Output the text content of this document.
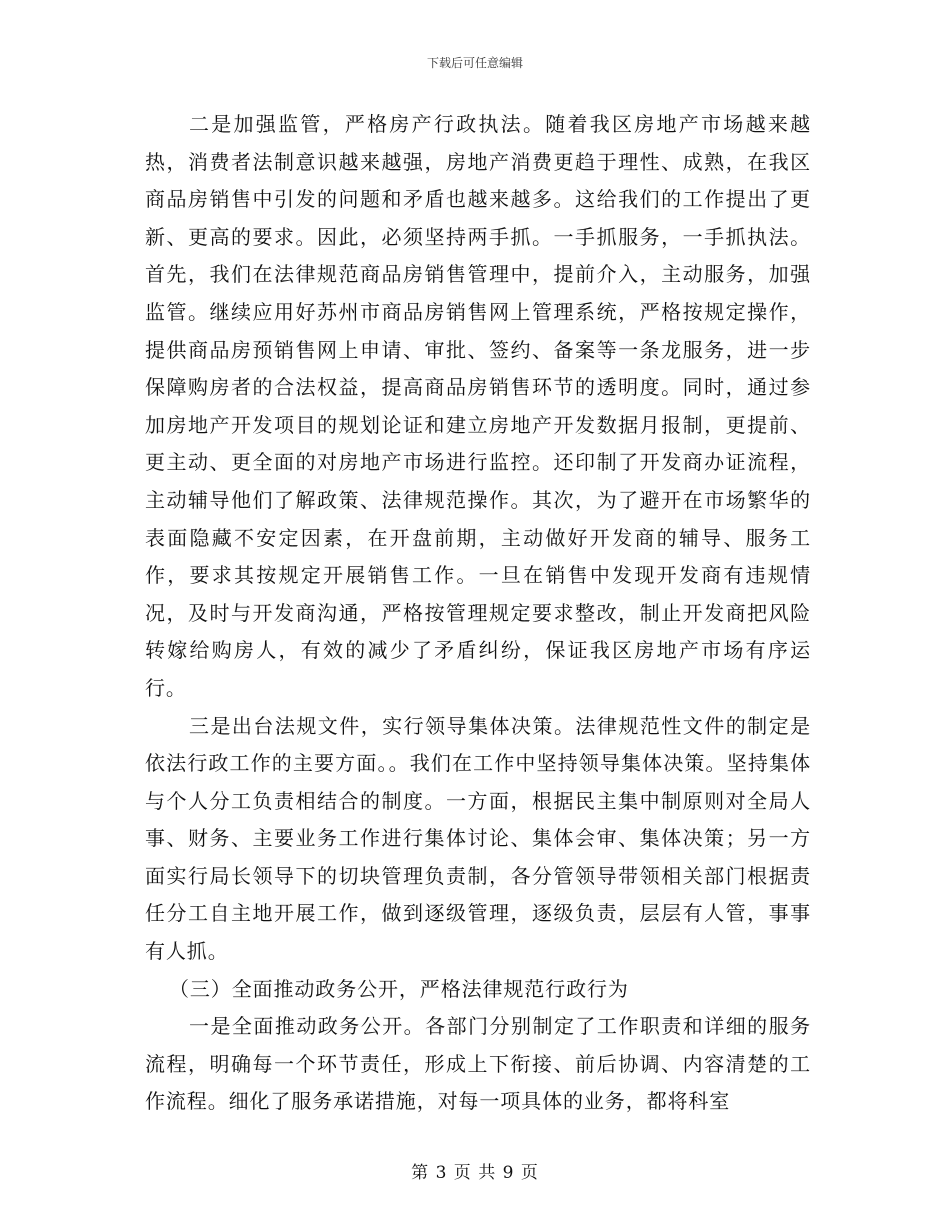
下载后可任意编辑

二是加强监管，严格房产行政执法。随着我区房地产市场越来越热，消费者法制意识越来越强，房地产消费更趋于理性、成熟，在我区商品房销售中引发的问题和矛盾也越来越多。这给我们的工作提出了更新、更高的要求。因此，必须坚持两手抓。一手抓服务，一手抓执法。首先，我们在法律规范商品房销售管理中，提前介入，主动服务，加强监管。继续应用好苏州市商品房销售网上管理系统，严格按规定操作，提供商品房预销售网上申请、审批、签约、备案等一条龙服务，进一步保障购房者的合法权益，提高商品房销售环节的透明度。同时，通过参加房地产开发项目的规划论证和建立房地产开发数据月报制，更提前、更主动、更全面的对房地产市场进行监控。还印制了开发商办证流程，主动辅导他们了解政策、法律规范操作。其次，为了避开在市场繁华的表面隐藏不安定因素，在开盘前期，主动做好开发商的辅导、服务工作，要求其按规定开展销售工作。一旦在销售中发现开发商有违规情况，及时与开发商沟通，严格按管理规定要求整改，制止开发商把风险转嫁给购房人，有效的减少了矛盾纠纷，保证我区房地产市场有序运行。

三是出台法规文件，实行领导集体决策。法律规范性文件的制定是依法行政工作的主要方面。。我们在工作中坚持领导集体决策。坚持集体与个人分工负责相结合的制度。一方面，根据民主集中制原则对全局人事、财务、主要业务工作进行集体讨论、集体会审、集体决策；另一方面实行局长领导下的切块管理负责制，各分管领导带领相关部门根据责任分工自主地开展工作，做到逐级管理，逐级负责，层层有人管，事事有人抓。

（三）全面推动政务公开，严格法律规范行政行为

一是全面推动政务公开。各部门分别制定了工作职责和详细的服务流程，明确每一个环节责任，形成上下衔接、前后协调、内容清楚的工作流程。细化了服务承诺措施，对每一项具体的业务，都将科室

第 3 页 共 9 页
